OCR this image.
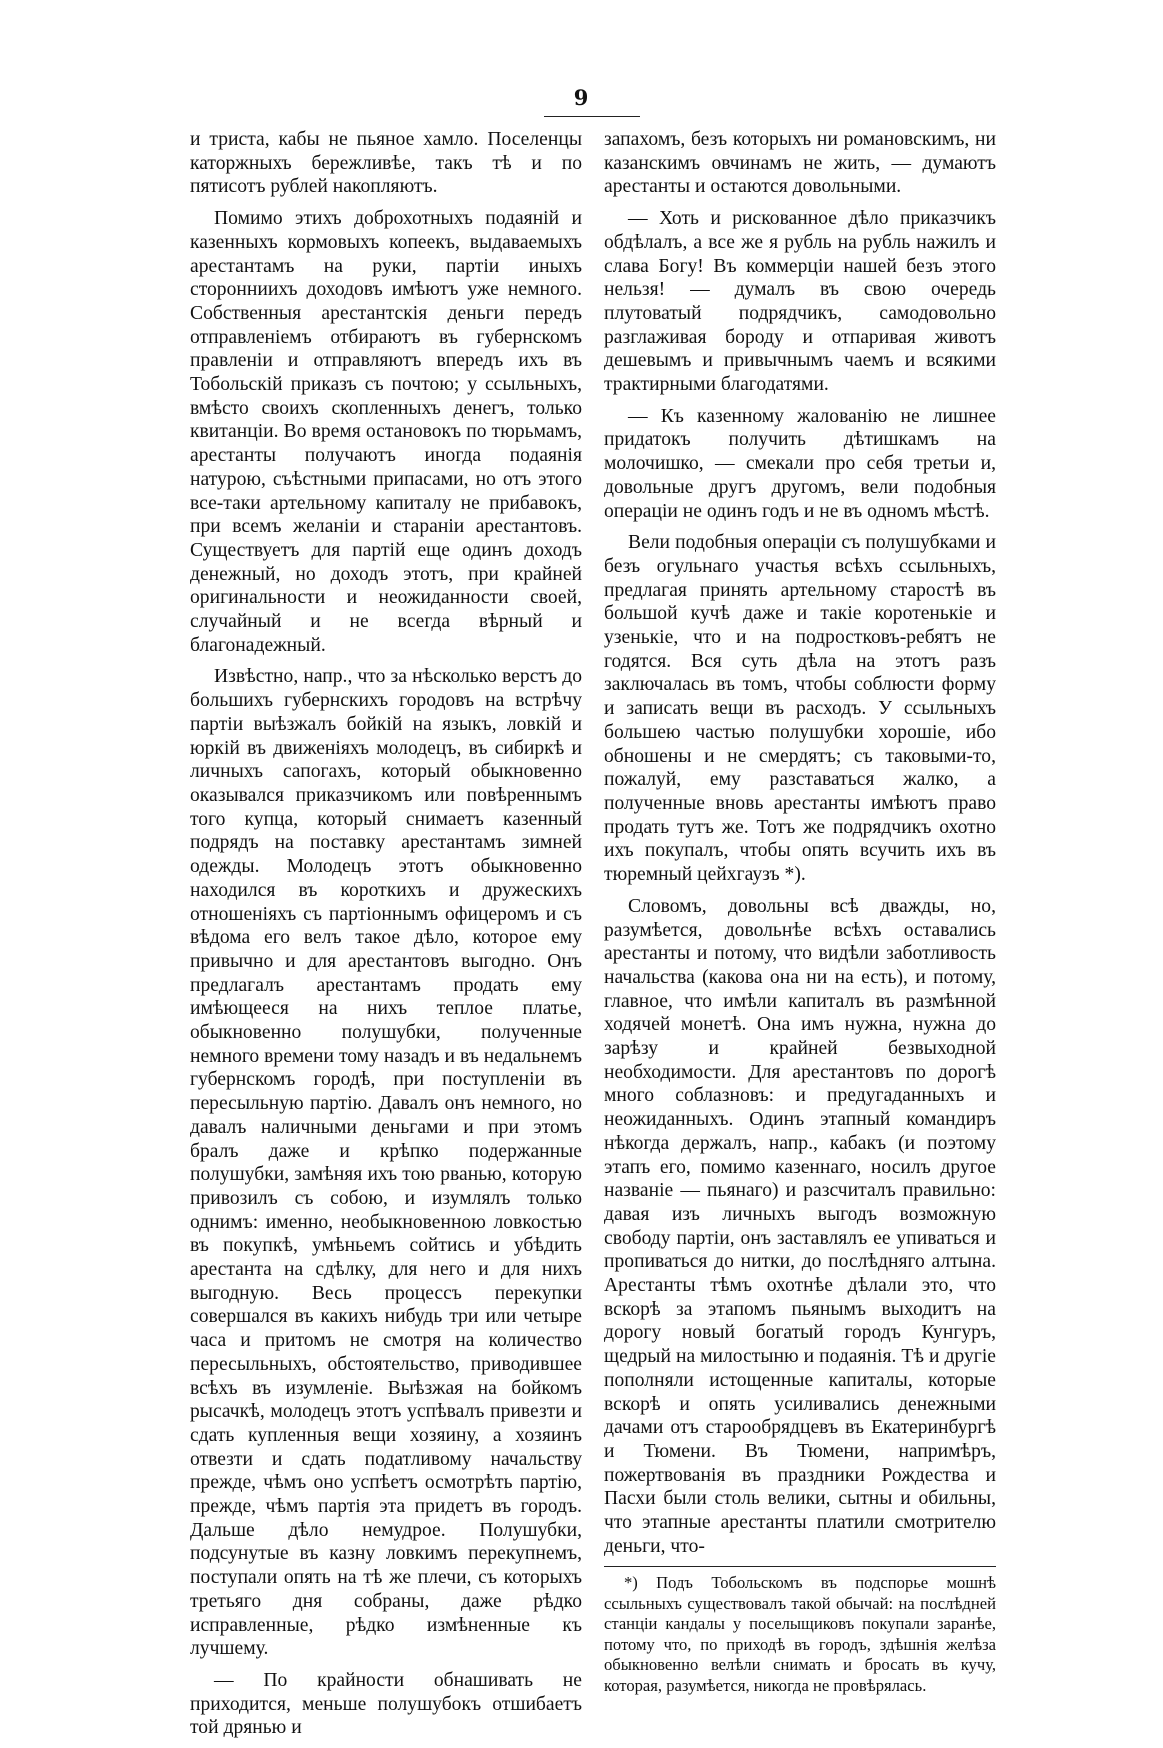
9

и триста, кабы не пьяное хамло. Поселенцы каторжныхъ бережливѣе, такъ тѣ и по пятисотъ рублей накопляютъ.

Помимо этихъ доброхотныхъ подаяній и казенныхъ кормовыхъ копеекъ, выдаваемыхъ арестантамъ на руки, партіи иныхъ сторонниихъ доходовъ имѣютъ уже немного. Собственныя арестантскія деньги передъ отправленіемъ отбираютъ въ губернскомъ правленіи и отправляютъ впередъ ихъ въ Тобольскій приказъ съ почтою; у ссыльныхъ, вмѣсто своихъ скопленныхъ денегъ, только квитанціи. Во время остановокъ по тюрьмамъ, арестанты получаютъ иногда подаянія натурою, съѣстными припасами, но отъ этого все-таки артельному капиталу не прибавокъ, при всемъ желаніи и стараніи арестантовъ. Существуетъ для партій еще одинъ доходъ денежный, но доходъ этотъ, при крайней оригинальности и неожиданности своей, случайный и не всегда вѣрный и благонадежный.

Извѣстно, напр., что за нѣсколько верстъ до большихъ губернскихъ городовъ на встрѣчу партіи выѣзжалъ бойкій на языкъ, ловкій и юркій въ движеніяхъ молодецъ, въ сибиркѣ и личныхъ сапогахъ, который обыкновенно оказывался приказчикомъ или повѣреннымъ того купца, который снимаетъ казенный подрядъ на поставку арестантамъ зимней одежды. Молодецъ этотъ обыкновенно находился въ короткихъ и дружескихъ отношеніяхъ съ партіоннымъ офицеромъ и съ вѣдома его велъ такое дѣло, которое ему привычно и для арестантовъ выгодно. Онъ предлагалъ арестантамъ продать ему имѣющееся на нихъ теплое платье, обыкновенно полушубки, полученные немного времени тому назадъ и въ недальнемъ губернскомъ городѣ, при поступленіи въ пересыльную партію. Давалъ онъ немного, но давалъ наличными деньгами и при этомъ бралъ даже и крѣпко подержанные полушубки, замѣняя ихъ тою рванью, которую привозилъ съ собою, и изумлялъ только однимъ: именно, необыкновенною ловкостью въ покупкѣ, умѣньемъ сойтись и убѣдить арестанта на сдѣлку, для него и для нихъ выгодную. Весь процессъ перекупки совершался въ какихъ нибудь три или четыре часа и притомъ не смотря на количество пересыльныхъ, обстоятельство, приводившее всѣхъ въ изумленіе. Выѣзжая на бойкомъ рысачкѣ, молодецъ этотъ успѣвалъ привезти и сдать купленныя вещи хозяину, а хозяинъ отвезти и сдать податливому начальству прежде, чѣмъ оно успѣетъ осмотрѣть партію, прежде, чѣмъ партія эта придетъ въ городъ. Дальше дѣло немудрое. Полушубки, подсунутые въ казну ловкимъ перекупнемъ, поступали опять на тѣ же плечи, съ которыхъ третьяго дня собраны, даже рѣдко исправленные, рѣдко измѣненные къ лучшему.

— По крайности обнашивать не приходится, меньше полушубокъ отшибаетъ той дрянью и

запахомъ, безъ которыхъ ни романовскимъ, ни казанскимъ овчинамъ не жить, — думаютъ арестанты и остаются довольными.

— Хоть и рискованное дѣло приказчикъ обдѣлалъ, а все же я рубль на рубль нажилъ и слава Богу! Въ коммерціи нашей безъ этого нельзя! — думалъ въ свою очередь плутоватый подрядчикъ, самодовольно разглаживая бороду и отпаривая животъ дешевымъ и привычнымъ чаемъ и всякими трактирными благодатями.

— Къ казенному жалованію не лишнее придатокъ получить дѣтишкамъ на молочишко, — смекали про себя третьи и, довольные другъ другомъ, вели подобныя операціи не одинъ годъ и не въ одномъ мѣстѣ.

Вели подобныя операціи съ полушубками и безъ огульнаго участья всѣхъ ссыльныхъ, предлагая принять артельному старостѣ въ большой кучѣ даже и такіе коротенькіе и узенькіе, что и на подростковъ-ребятъ не годятся. Вся суть дѣла на этотъ разъ заключалась въ томъ, чтобы соблюсти форму и записать вещи въ расходъ. У ссыльныхъ большею частью полушубки хорошіе, ибо обношены и не смердятъ; съ таковыми-то, пожалуй, ему разставаться жалко, а полученные вновь арестанты имѣютъ право продать тутъ же. Тотъ же подрядчикъ охотно ихъ покупалъ, чтобы опять всучить ихъ въ тюремный цейхгаузъ *).

Словомъ, довольны всѣ дважды, но, разумѣется, довольнѣе всѣхъ оставались арестанты и потому, что видѣли заботливость начальства (какова она ни на есть), и потому, главное, что имѣли капиталъ въ размѣнной ходячей монетѣ. Она имъ нужна, нужна до зарѣзу и крайней безвыходной необходимости. Для арестантовъ по дорогѣ много соблазновъ: и предугаданныхъ и неожиданныхъ. Одинъ этапный командиръ нѣкогда держалъ, напр., кабакъ (и поэтому этапъ его, помимо казеннаго, носилъ другое названіе — пьянаго) и разсчиталъ правильно: давая изъ личныхъ выгодъ возможную свободу партіи, онъ заставлялъ ее упиваться и пропиваться до нитки, до послѣдняго алтына. Арестанты тѣмъ охотнѣе дѣлали это, что вскорѣ за этапомъ пьянымъ выходитъ на дорогу новый богатый городъ Кунгуръ, щедрый на милостыню и подаянія. Тѣ и другіе пополняли истощенные капиталы, которые вскорѣ и опять усиливались денежными дачами отъ старообрядцевъ въ Екатеринбургѣ и Тюмени. Въ Тюмени, напримѣръ, пожертвованія въ праздники Рождества и Пасхи были столь велики, сытны и обильны, что этапные арестанты платили смотрителю деньги, что-

*) Подъ Тобольскомъ въ подспорье мошнѣ ссыльныхъ существовалъ такой обычай: на послѣдней станціи кандалы у поселыщиковъ покупали заранѣе, потому что, по приходѣ въ городъ, здѣшнія желѣза обыкновенно велѣли снимать и бросать въ кучу, которая, разумѣется, никогда не провѣрялась.
